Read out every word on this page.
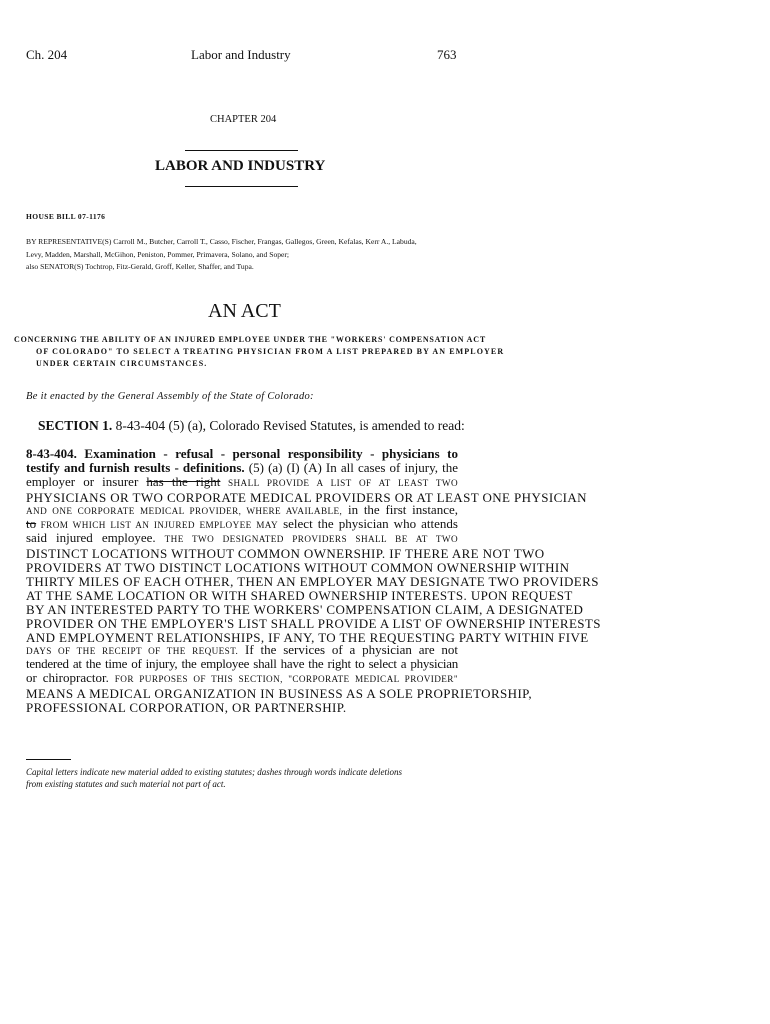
Ch. 204	Labor and Industry	763
CHAPTER 204
LABOR AND INDUSTRY
HOUSE BILL 07-1176
BY REPRESENTATIVE(S) Carroll M., Butcher, Carroll T., Casso, Fischer, Frangas, Gallegos, Green, Kefalas, Kerr A., Labuda,
Levy, Madden, Marshall, McGihon, Peniston, Pommer, Primavera, Solano, and Soper;
also SENATOR(S) Tochtrop, Fitz-Gerald, Groff, Keller, Shaffer, and Tupa.
AN ACT
CONCERNING THE ABILITY OF AN INJURED EMPLOYEE UNDER THE "WORKERS' COMPENSATION ACT
OF COLORADO" TO SELECT A TREATING PHYSICIAN FROM A LIST PREPARED BY AN EMPLOYER
UNDER CERTAIN CIRCUMSTANCES.
Be it enacted by the General Assembly of the State of Colorado:
SECTION 1. 8-43-404 (5) (a), Colorado Revised Statutes, is amended to read:
8-43-404. Examination - refusal - personal responsibility - physicians to
testify and furnish results - definitions. (5) (a) (I) (A) In all cases of injury, the
employer or insurer has the right SHALL PROVIDE A LIST OF AT LEAST TWO
PHYSICIANS OR TWO CORPORATE MEDICAL PROVIDERS OR AT LEAST ONE PHYSICIAN
AND ONE CORPORATE MEDICAL PROVIDER, WHERE AVAILABLE, in the first instance,
to FROM WHICH LIST AN INJURED EMPLOYEE MAY select the physician who attends
said injured employee. THE TWO DESIGNATED PROVIDERS SHALL BE AT TWO
DISTINCT LOCATIONS WITHOUT COMMON OWNERSHIP. IF THERE ARE NOT TWO
PROVIDERS AT TWO DISTINCT LOCATIONS WITHOUT COMMON OWNERSHIP WITHIN
THIRTY MILES OF EACH OTHER, THEN AN EMPLOYER MAY DESIGNATE TWO PROVIDERS
AT THE SAME LOCATION OR WITH SHARED OWNERSHIP INTERESTS. UPON REQUEST
BY AN INTERESTED PARTY TO THE WORKERS' COMPENSATION CLAIM, A DESIGNATED
PROVIDER ON THE EMPLOYER'S LIST SHALL PROVIDE A LIST OF OWNERSHIP INTERESTS
AND EMPLOYMENT RELATIONSHIPS, IF ANY, TO THE REQUESTING PARTY WITHIN FIVE
DAYS OF THE RECEIPT OF THE REQUEST. If the services of a physician are not
tendered at the time of injury, the employee shall have the right to select a physician
or chiropractor. FOR PURPOSES OF THIS SECTION, "CORPORATE MEDICAL PROVIDER"
MEANS A MEDICAL ORGANIZATION IN BUSINESS AS A SOLE PROPRIETORSHIP,
PROFESSIONAL CORPORATION, OR PARTNERSHIP.
Capital letters indicate new material added to existing statutes; dashes through words indicate deletions
from existing statutes and such material not part of act.
